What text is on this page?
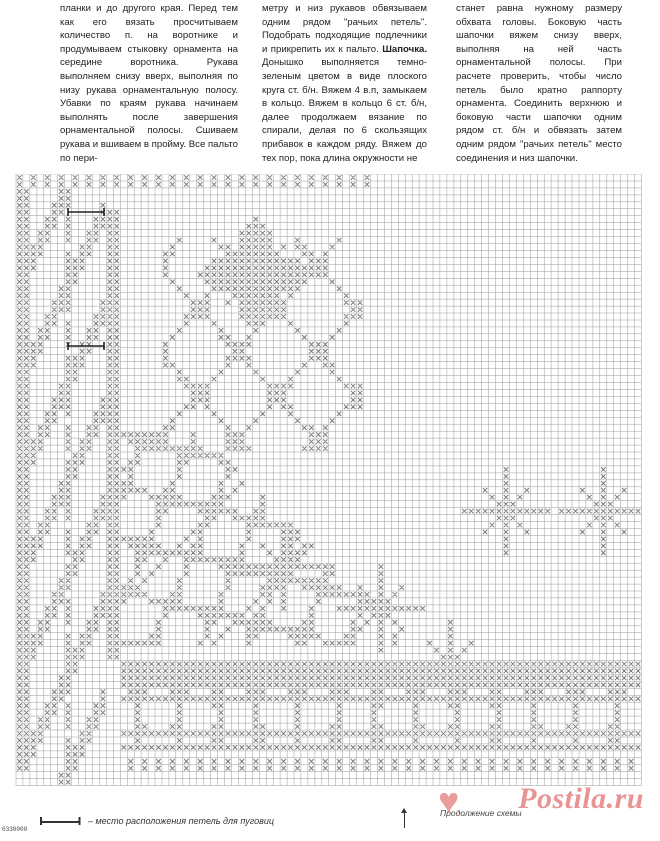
планки и до другого края. Перед тем как его вязать просчитываем количество п. на воротнике и продумываем стыковку орнамента на середине воротника. Рукава выполняем снизу вверх, выполняя по низу рукава орнаментальную полосу. Убавки по краям рукава начинаем выполнять после завершения орнаментальной полосы. Сшиваем рукава и вшиваем в пройму. Все пальто по пери-

метру и низ рукавов обвязываем одним рядом "рачьих петель". Подобрать подходящие подлечники и прикрепить их к пальто. Шапочка. Донышко выполняется темно-зеленым цветом в виде плоского круга ст. б/н. Вяжем 4 в.п, замыкаем в кольцо. Вяжем в кольцо 6 ст. б/н, далее продолжаем вязание по спирали, делая по 6 скользящих прибавок в каждом ряду. Вяжем до тех пор, пока длина окружности не

станет равна нужному размеру обхвата головы. Боковую часть шапочки вяжем снизу вверх, выполняя на ней часть орнаментальной полосы. При расчете проверить, чтобы число петель было кратно раппорту орнамента. Соединить верхнюю и боковую части шапочки одним рядом ст. б/н и обвязать затем одним рядом "рачьих петель" место соединения и низ шапочки.

– место расположения петель для пуговиц
Продолжение схемы
0330000
♥ Postila.ru
